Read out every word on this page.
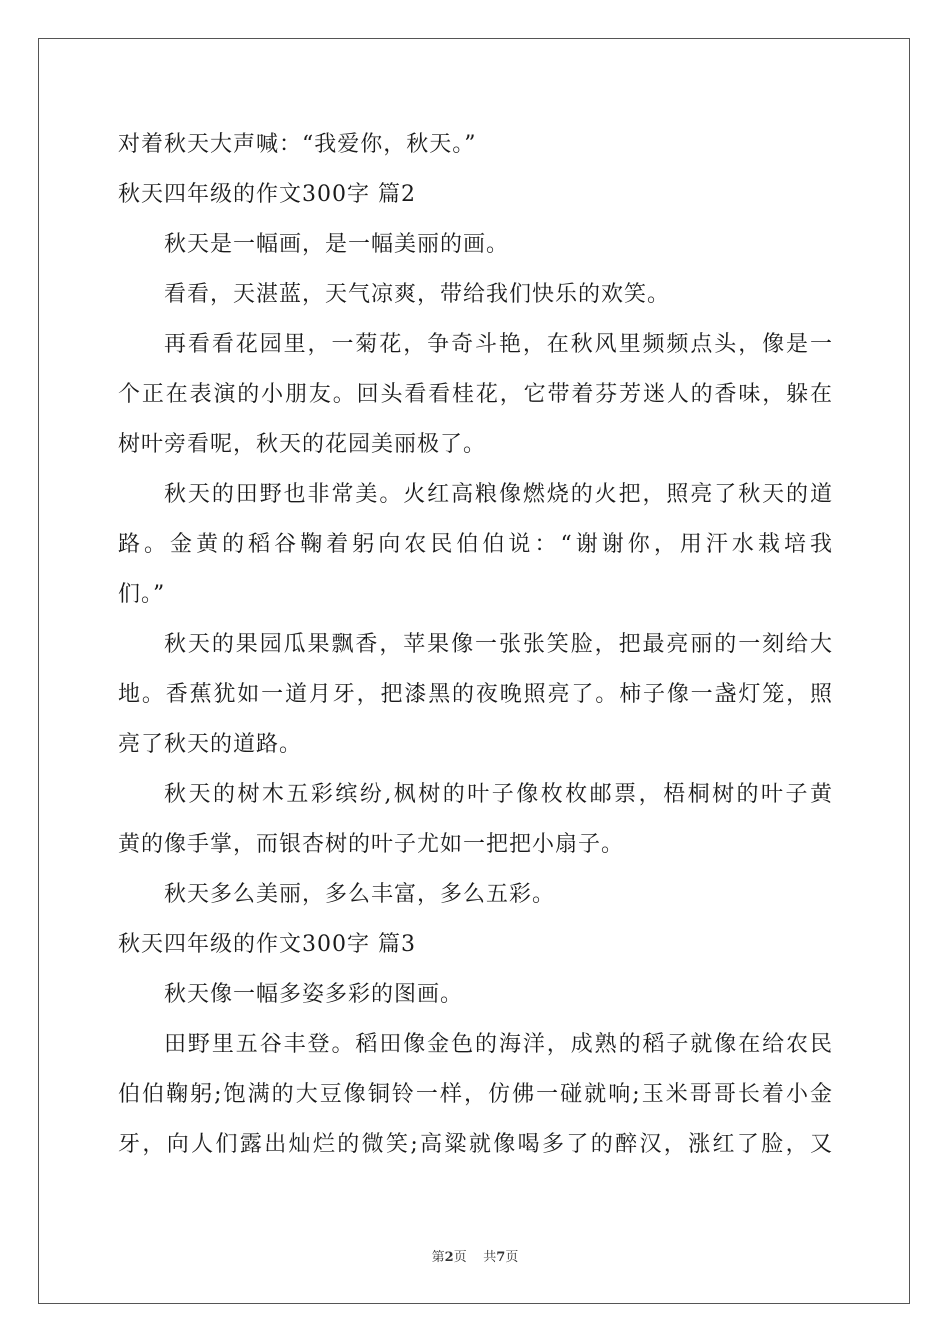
对着秋天大声喊：“我爱你，秋天。”
秋天四年级的作文300字 篇2
秋天是一幅画，是一幅美丽的画。
看看，天湛蓝，天气凉爽，带给我们快乐的欢笑。
再看看花园里，一菊花，争奇斗艳，在秋风里频频点头，像是一
个正在表演的小朋友。回头看看桂花，它带着芬芳迷人的香味，躲在
树叶旁看呢，秋天的花园美丽极了。
秋天的田野也非常美。火红高粮像燃烧的火把，照亮了秋天的道
路。金黄的稻谷鞠着躬向农民伯伯说：“谢谢你，用汗水栽培我
们。”
秋天的果园瓜果飘香，苹果像一张张笑脸，把最亮丽的一刻给大
地。香蕉犹如一道月牙，把漆黑的夜晚照亮了。柿子像一盏灯笼，照
亮了秋天的道路。
秋天的树木五彩缤纷,枫树的叶子像枚枚邮票，梧桐树的叶子黄
黄的像手掌，而银杏树的叶子尤如一把把小扇子。
秋天多么美丽，多么丰富，多么五彩。
秋天四年级的作文300字 篇3
秋天像一幅多姿多彩的图画。
田野里五谷丰登。稻田像金色的海洋，成熟的稻子就像在给农民
伯伯鞠躬;饱满的大豆像铜铃一样，仿佛一碰就响;玉米哥哥长着小金
牙，向人们露出灿烂的微笑;高粱就像喝多了的醉汉，涨红了脸，又
第2页 共7页
